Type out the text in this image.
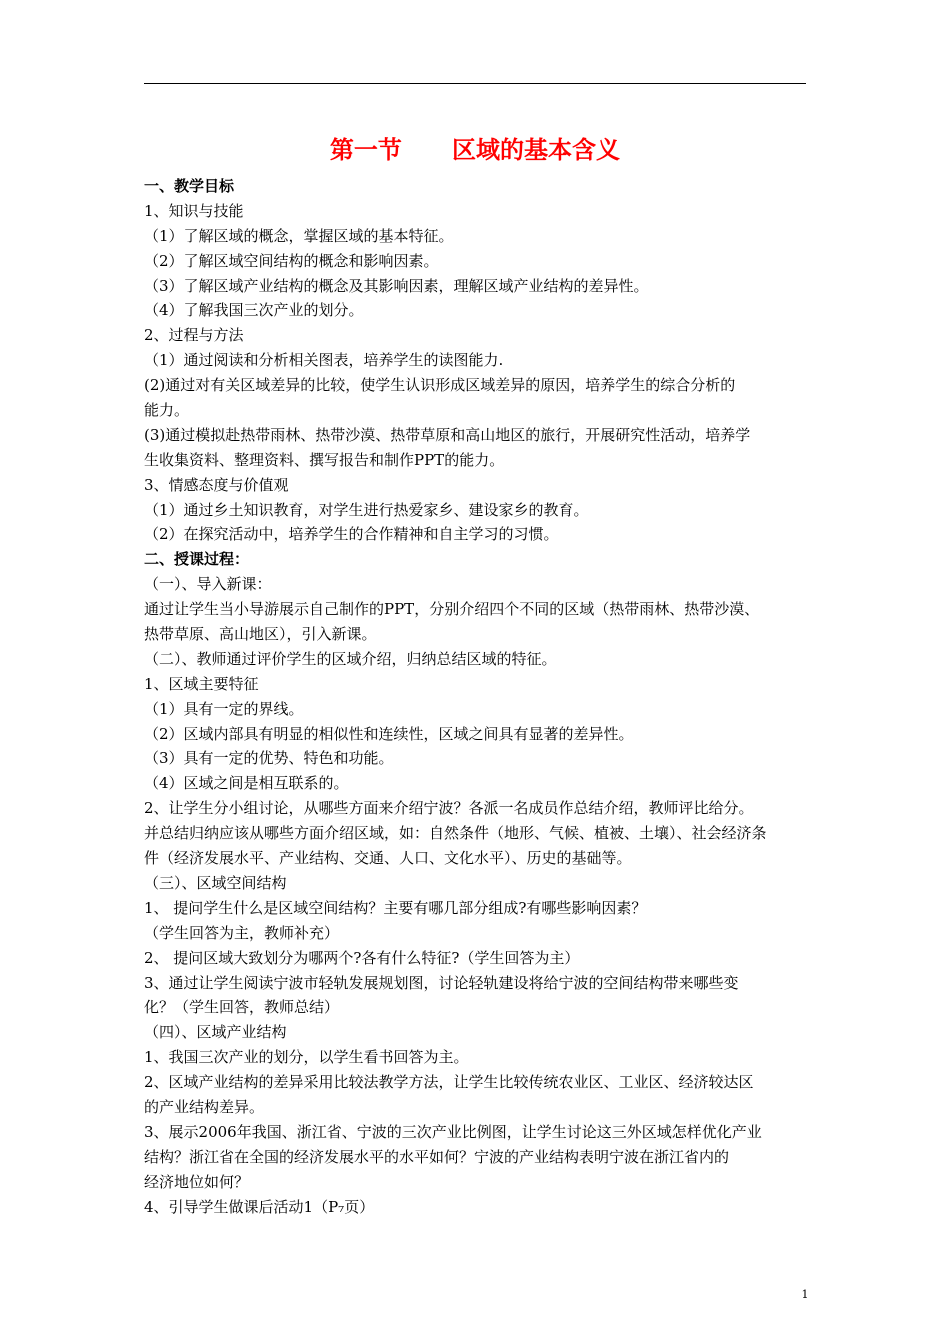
第一节      区域的基本含义
一、教学目标
1、知识与技能
（1）了解区域的概念，掌握区域的基本特征。
（2）了解区域空间结构的概念和影响因素。
（3）了解区域产业结构的概念及其影响因素，理解区域产业结构的差异性。
（4）了解我国三次产业的划分。
2、过程与方法
（1）通过阅读和分析相关图表，培养学生的读图能力.
(2)通过对有关区域差异的比较，使学生认识形成区域差异的原因，培养学生的综合分析的
能力。
(3)通过模拟赴热带雨林、热带沙漠、热带草原和高山地区的旅行，开展研究性活动，培养学
生收集资料、整理资料、撰写报告和制作PPT的能力。
3、情感态度与价值观
（1）通过乡土知识教育，对学生进行热爱家乡、建设家乡的教育。
（2）在探究活动中，培养学生的合作精神和自主学习的习惯。
二、授课过程：
（一）、导入新课：
通过让学生当小导游展示自己制作的PPT，分别介绍四个不同的区域（热带雨林、热带沙漠、
热带草原、高山地区），引入新课。
（二）、教师通过评价学生的区域介绍，归纳总结区域的特征。
1、区域主要特征
（1）具有一定的界线。
（2）区域内部具有明显的相似性和连续性，区域之间具有显著的差异性。
（3）具有一定的优势、特色和功能。
（4）区域之间是相互联系的。
2、让学生分小组讨论，从哪些方面来介绍宁波？各派一名成员作总结介绍，教师评比给分。
并总结归纳应该从哪些方面介绍区域，如：自然条件（地形、气候、植被、土壤）、社会经济条
件（经济发展水平、产业结构、交通、人口、文化水平）、历史的基础等。
（三）、区域空间结构
1、 提问学生什么是区域空间结构？主要有哪几部分组成?有哪些影响因素？
（学生回答为主，教师补充）
2、 提问区域大致划分为哪两个?各有什么特征?（学生回答为主）
3、通过让学生阅读宁波市轻轨发展规划图，讨论轻轨建设将给宁波的空间结构带来哪些变
化？（学生回答，教师总结）
（四）、区域产业结构
1、我国三次产业的划分，以学生看书回答为主。
2、区域产业结构的差异采用比较法教学方法，让学生比较传统农业区、工业区、经济较达区
的产业结构差异。
3、展示2006年我国、浙江省、宁波的三次产业比例图，让学生讨论这三外区域怎样优化产业
结构？浙江省在全国的经济发展水平的水平如何？宁波的产业结构表明宁波在浙江省内的
经济地位如何？
4、引导学生做课后活动1（P₇页）
1
